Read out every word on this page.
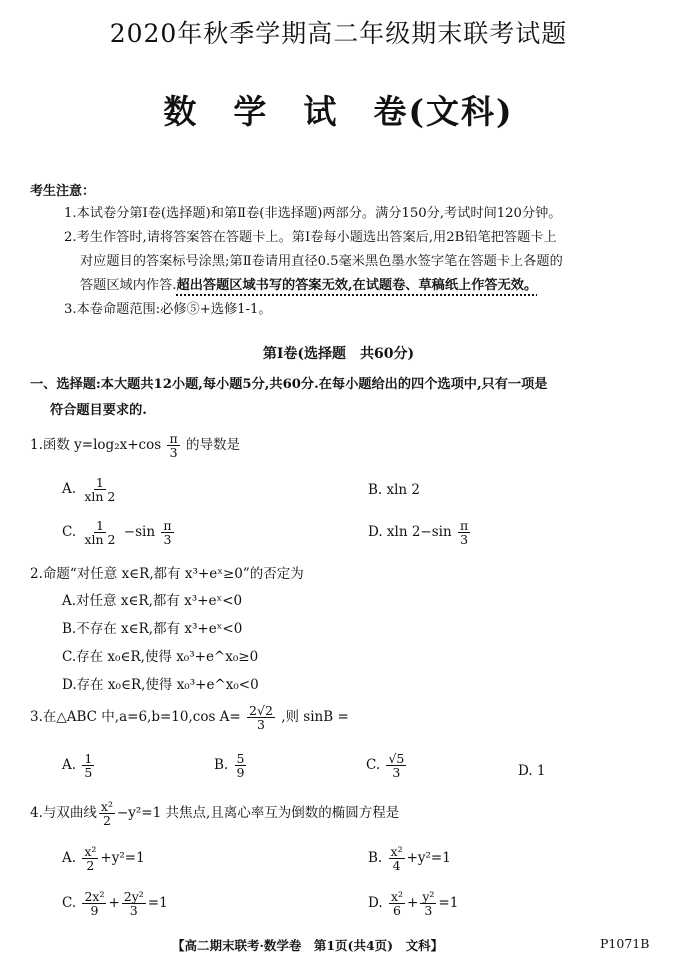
2020年秋季学期高二年级期末联考试题
数　学　试　卷(文科)
考生注意：
1.本试卷分第Ⅰ卷(选择题)和第Ⅱ卷(非选择题)两部分。满分150分,考试时间120分钟。
2.考生作答时,请将答案答在答题卡上。第Ⅰ卷每小题选出答案后,用2B铅笔把答题卡上
对应题目的答案标号涂黑;第Ⅱ卷请用直径0.5毫米黑色墨水签字笔在答题卡上各题的
答题区域内作答.超出答题区域书写的答案无效,在试题卷、草稿纸上作答无效。
3.本卷命题范围:必修⑤+选修1-1。
第Ⅰ卷(选择题　共60分)
一、选择题:本大题共12小题,每小题5分,共60分.在每小题给出的四个选项中,只有一项是
符合题目要求的.
1.函数 $y=\log_2x+\cos \frac{\pi}{3}$ 的导数是
A. $\frac{1}{xln 2}$	B. xln 2
C. $\frac{1}{xln 2} -\sin \frac{\pi}{3}$	D. xln $2-\sin \frac{\pi}{3}$
2.命题“对任意 x∈R,都有 x³+eˣ≥0”的否定为
A.对任意 x∈R,都有 x³+eˣ<0
B.不存在 x∈R,都有 x³+eˣ<0
C.存在 x₀∈R,使得 x₀³+e^x₀≥0
D.存在 x₀∈R,使得 x₀³+e^x₀<0
3.在△ABC 中,a=6,b=10,cos $A= \frac{2√2}{3}$ ,则 sinB =
A. $\frac{1}{5}$	B. $\frac{5}{9}$	C. $\frac{√5}{3}$	D. 1
4.与双曲线 $\frac{\text{x²}}{2} -y^2=1$ 共焦点,且离心率互为倒数的椭圆方程是
A. $\frac{\text{x²}}{2} +y^2=1$	B. $\frac{\text{x²}}{4} +y^2=1$
C. $\frac{\text{2x²}}{9} + \frac{\text{2y²}}{3} =1$	D. $\frac{\text{x²}}{6} + \frac{\text{y²}}{3} =1$
【高二期末联考·数学卷　第1页(共4页)　文科】	P1071B
